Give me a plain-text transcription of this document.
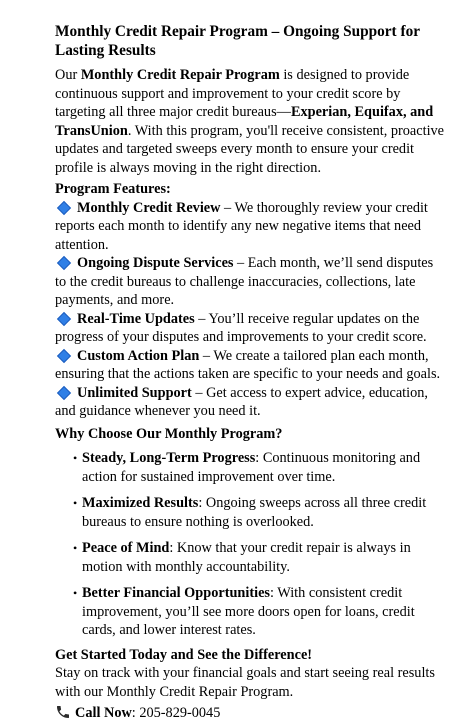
Monthly Credit Repair Program – Ongoing Support for Lasting Results

Our Monthly Credit Repair Program is designed to provide continuous support and improvement to your credit score by targeting all three major credit bureaus—Experian, Equifax, and TransUnion. With this program, you'll receive consistent, proactive updates and targeted sweeps every month to ensure your credit profile is always moving in the right direction.

Program Features:
Monthly Credit Review – We thoroughly review your credit reports each month to identify any new negative items that need attention.
Ongoing Dispute Services – Each month, we’ll send disputes to the credit bureaus to challenge inaccuracies, collections, late payments, and more.
Real-Time Updates – You’ll receive regular updates on the progress of your disputes and improvements to your credit score.
Custom Action Plan – We create a tailored plan each month, ensuring that the actions taken are specific to your needs and goals.
Unlimited Support – Get access to expert advice, education, and guidance whenever you need it.
Why Choose Our Monthly Program?
• Steady, Long-Term Progress: Continuous monitoring and action for sustained improvement over time.
• Maximized Results: Ongoing sweeps across all three credit bureaus to ensure nothing is overlooked.
• Peace of Mind: Know that your credit repair is always in motion with monthly accountability.
• Better Financial Opportunities: With consistent credit improvement, you’ll see more doors open for loans, credit cards, and lower interest rates.
Get Started Today and See the Difference!

Stay on track with your financial goals and start seeing real results with our Monthly Credit Repair Program.

Call Now: 205-829-0045
